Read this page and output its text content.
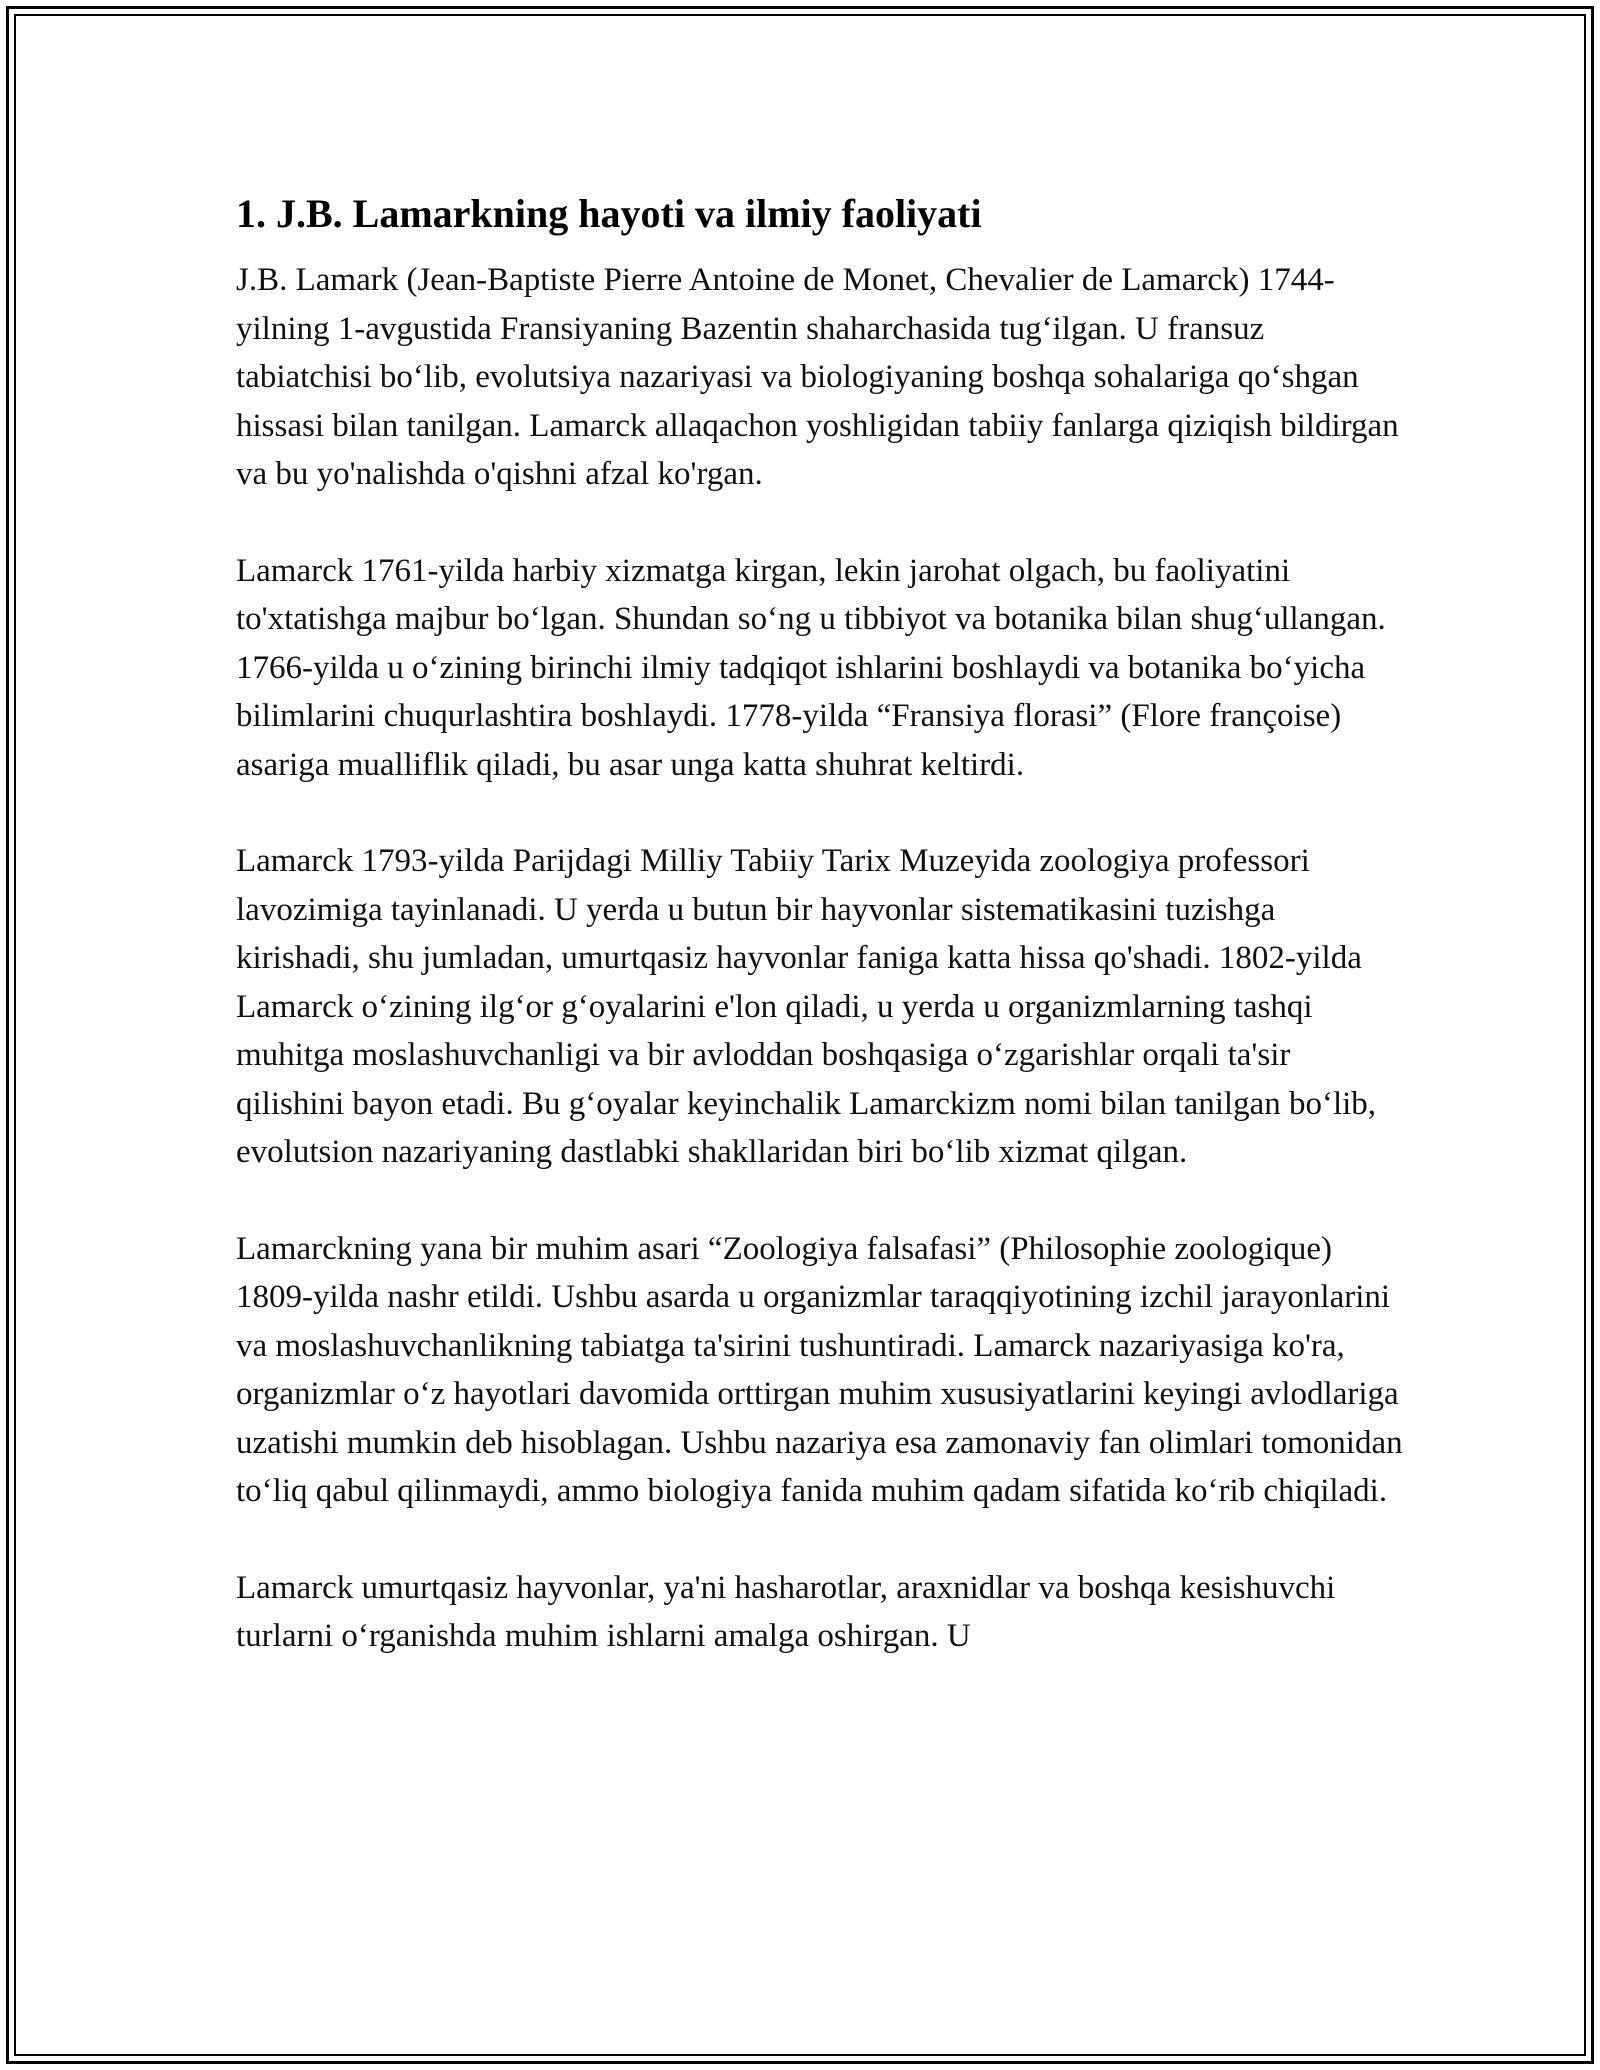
1. J.B. Lamarkning hayoti va ilmiy faoliyati

J.B. Lamark (Jean-Baptiste Pierre Antoine de Monet, Chevalier de Lamarck) 1744-yilning 1-avgustida Fransiyaning Bazentin shaharchasida tug‘ilgan. U fransuz tabiatchisi bo‘lib, evolutsiya nazariyasi va biologiyaning boshqa sohalariga qo‘shgan hissasi bilan tanilgan. Lamarck allaqachon yoshligidan tabiiy fanlarga qiziqish bildirgan va bu yo'nalishda o'qishni afzal ko'rgan.

Lamarck 1761-yilda harbiy xizmatga kirgan, lekin jarohat olgach, bu faoliyatini to'xtatishga majbur bo‘lgan. Shundan so‘ng u tibbiyot va botanika bilan shug‘ullangan. 1766-yilda u o‘zining birinchi ilmiy tadqiqot ishlarini boshlaydi va botanika bo‘yicha bilimlarini chuqurlashtira boshlaydi. 1778-yilda “Fransiya florasi” (Flore françoise) asariga mualliflik qiladi, bu asar unga katta shuhrat keltirdi.

Lamarck 1793-yilda Parijdagi Milliy Tabiiy Tarix Muzeyida zoologiya professori lavozimiga tayinlanadi. U yerda u butun bir hayvonlar sistematikasini tuzishga kirishadi, shu jumladan, umurtqasiz hayvonlar faniga katta hissa qo'shadi. 1802-yilda Lamarck o‘zining ilg‘or g‘oyalarini e'lon qiladi, u yerda u organizmlarning tashqi muhitga moslashuvchanligi va bir avloddan boshqasiga o‘zgarishlar orqali ta'sir qilishini bayon etadi. Bu g‘oyalar keyinchalik Lamarckizm nomi bilan tanilgan bo‘lib, evolutsion nazariyaning dastlabki shakllaridan biri bo‘lib xizmat qilgan.

Lamarckning yana bir muhim asari “Zoologiya falsafasi” (Philosophie zoologique) 1809-yilda nashr etildi. Ushbu asarda u organizmlar taraqqiyotining izchil jarayonlarini va moslashuvchanlikning tabiatga ta'sirini tushuntiradi. Lamarck nazariyasiga ko'ra, organizmlar o‘z hayotlari davomida orttirgan muhim xususiyatlarini keyingi avlodlariga uzatishi mumkin deb hisoblagan. Ushbu nazariya esa zamonaviy fan olimlari tomonidan to‘liq qabul qilinmaydi, ammo biologiya fanida muhim qadam sifatida ko‘rib chiqiladi.

Lamarck umurtqasiz hayvonlar, ya'ni hasharotlar, araxnidlar va boshqa kesishuvchi turlarni o‘rganishda muhim ishlarni amalga oshirgan. U
